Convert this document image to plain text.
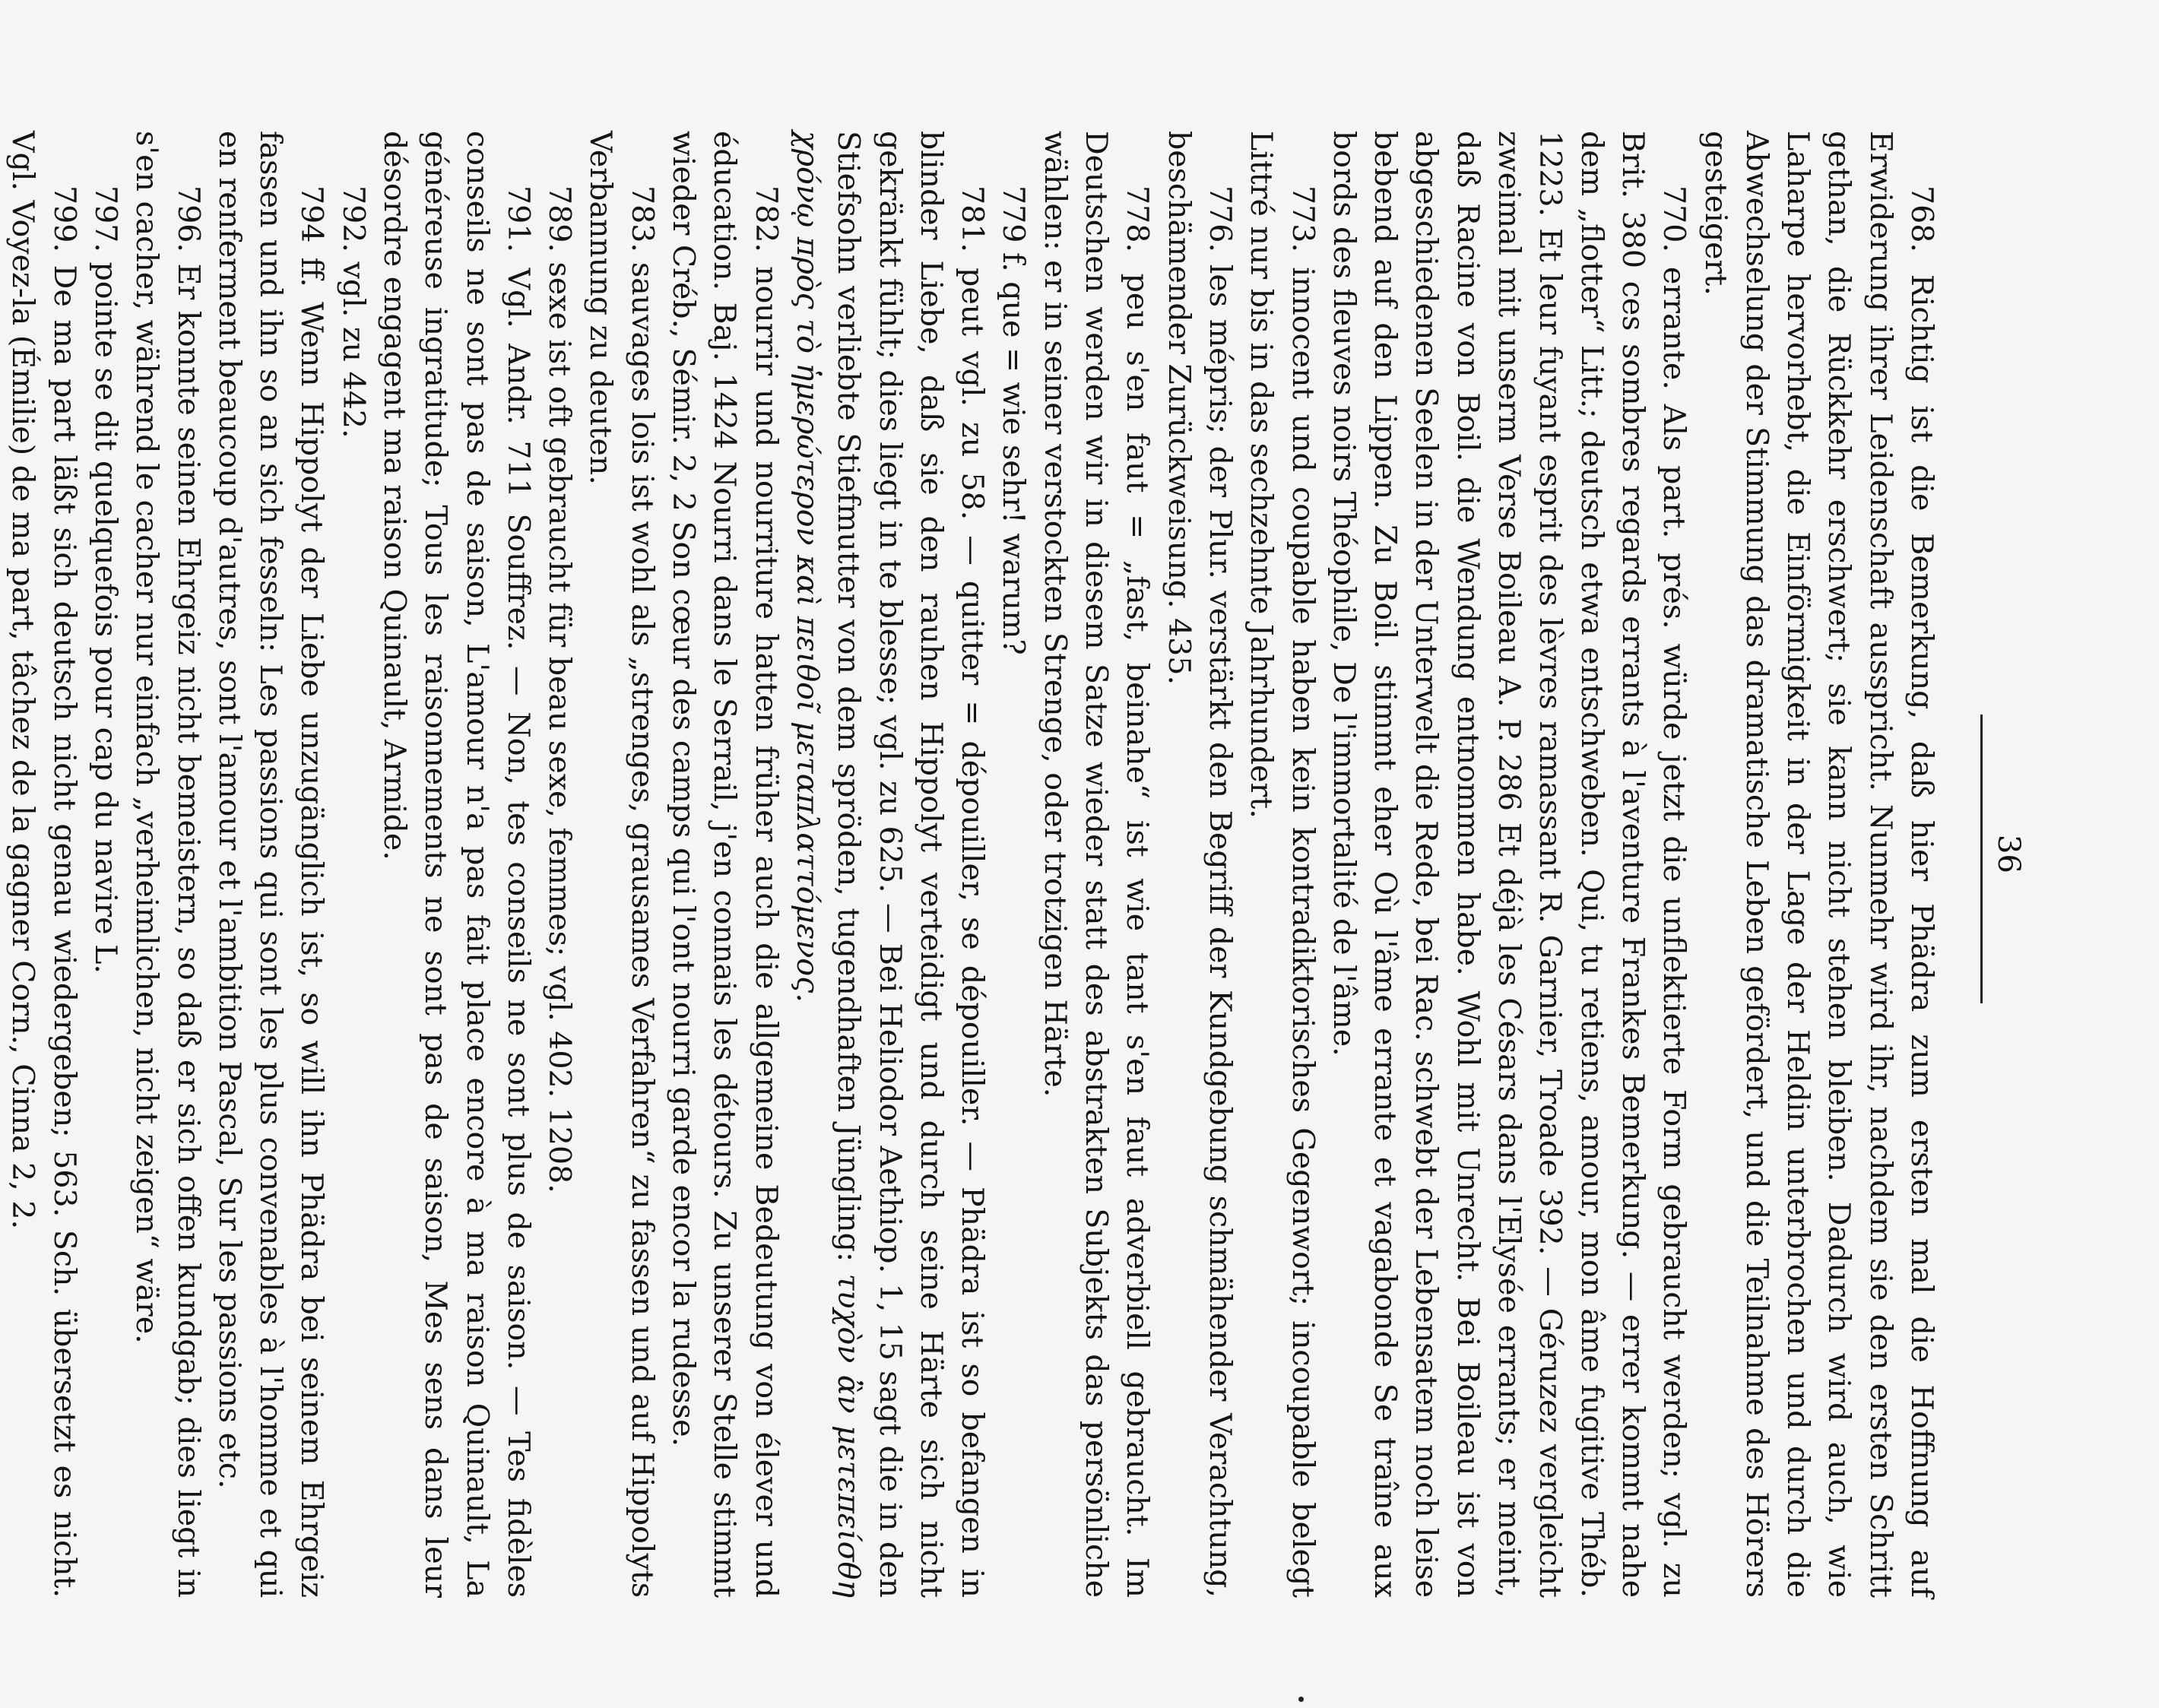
36

768. Richtig ist die Bemerkung, daß hier Phädra zum ersten mal die Hoffnung auf Erwiderung ihrer Leidenschaft ausspricht. Nunmehr wird ihr, nachdem sie den ersten Schritt gethan, die Rückkehr erschwert; sie kann nicht stehen bleiben. Dadurch wird auch, wie Laharpe hervorhebt, die Einförmigkeit in der Lage der Heldin unterbrochen und durch die Abwechselung der Stimmung das dramatische Leben gefördert, und die Teilnahme des Hörers gesteigert.

770. errante. Als part. prés. würde jetzt die unflektierte Form gebraucht werden; vgl. zu Brit. 380 ces sombres regards errants à l'aventure Frankes Bemerkung. — errer kommt nahe dem „flotter“ Litt.; deutsch etwa entschweben. Qui, tu retiens, amour, mon âme fugitive Théb. 1223. Et leur fuyant esprit des lèvres ramassant R. Garnier, Troade 392. — Géruzez vergleicht zweimal mit unserm Verse Boileau A. P. 286 Et déjà les Césars dans l'Elysée errants; er meint, daß Racine von Boil. die Wendung entnommen habe. Wohl mit Unrecht. Bei Boileau ist von abgeschiedenen Seelen in der Unterwelt die Rede, bei Rac. schwebt der Lebensatem noch leise bebend auf den Lippen. Zu Boil. stimmt eher Où l'âme errante et vagabonde Se traîne aux bords des fleuves noirs Théophile, De l'immortalité de l'âme.

773. innocent und coupable haben kein kontradiktorisches Gegenwort; incoupable belegt Littré nur bis in das sechzehnte Jahrhundert.

776. les mépris; der Plur. verstärkt den Begriff der Kundgebung schmähender Verachtung, beschämender Zurückweisung. 435.

778. peu s'en faut = „fast, beinahe“ ist wie tant s'en faut adverbiell gebraucht. Im Deutschen werden wir in diesem Satze wieder statt des abstrakten Subjekts das persönliche wählen: er in seiner verstockten Strenge, oder trotzigen Härte.

779 f. que = wie sehr! warum?

781. peut vgl. zu 58. — quitter = dépouiller, se dépouiller. — Phädra ist so befangen in blinder Liebe, daß sie den rauhen Hippolyt verteidigt und durch seine Härte sich nicht gekränkt fühlt; dies liegt in te blesse; vgl. zu 625. — Bei Heliodor Aethiop. 1, 15 sagt die in den Stiefsohn verliebte Stiefmutter von dem spröden, tugendhaften Jüngling: τυχὸν ἂν μετεπείσθη χρόνῳ πρὸς τὸ ἡμερώτερον καὶ πειθοῖ μεταπλαττόμενος.

782. nourrir und nourriture hatten früher auch die allgemeine Bedeutung von élever und éducation. Baj. 1424 Nourri dans le Serrail, j'en connais les détours. Zu unserer Stelle stimmt wieder Créb., Sémir. 2, 2 Son cœur des camps qui l'ont nourri garde encor la rudesse.

783. sauvages lois ist wohl als „strenges, grausames Verfahren“ zu fassen und auf Hippolyts Verbannung zu deuten.

789. sexe ist oft gebraucht für beau sexe, femmes; vgl. 402. 1208.

791. Vgl. Andr. 711 Souffrez. — Non, tes conseils ne sont plus de saison. — Tes fidèles conseils ne sont pas de saison, L'amour n'a pas fait place encore à ma raison Quinault, La généreuse ingratitude; Tous les raisonnements ne sont pas de saison, Mes sens dans leur désordre engagent ma raison Quinault, Armide.

792. vgl. zu 442.

794 ff. Wenn Hippolyt der Liebe unzugänglich ist, so will ihn Phädra bei seinem Ehrgeiz fassen und ihn so an sich fesseln: Les passions qui sont les plus convenables à l'homme et qui en renferment beaucoup d'autres, sont l'amour et l'ambition Pascal, Sur les passions etc.

796. Er konnte seinen Ehrgeiz nicht bemeistern, so daß er sich offen kundgab; dies liegt in s'en cacher, während le cacher nur einfach „verheimlichen, nicht zeigen“ wäre.

797. pointe se dit quelquefois pour cap du navire L.

799. De ma part läßt sich deutsch nicht genau wiedergeben; 563. Sch. übersetzt es nicht. Vgl. Voyez-la (Émilie) de ma part, tâchez de la gagner Corn., Cinna 2, 2.
